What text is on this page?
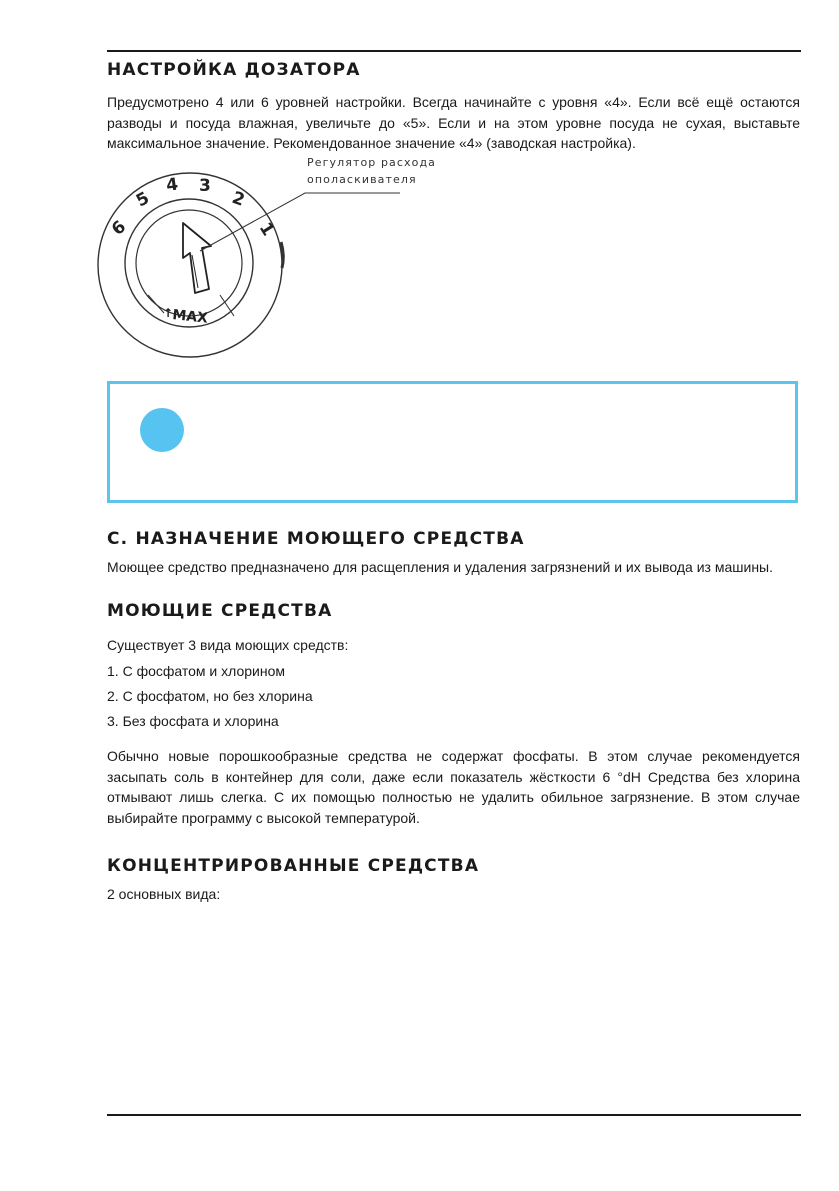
НАСТРОЙКА ДОЗАТОРА

Предусмотрено 4 или 6 уровней настройки. Всегда начинайте с уровня «4». Если всё ещё остаются разводы и посуда влажная, увеличьте до «5». Если и на этом уровне посуда не сухая, выставьте максимальное значение. Рекомендованное значение «4» (заводская настройка).

1
2
3
4
5
6
↑
MAX
Регулятор расхода
ополаскивателя
C. НАЗНАЧЕНИЕ МОЮЩЕГО СРЕДСТВА

Моющее средство предназначено для расщепления и удаления загрязнений и их вывода из машины.

МОЮЩИЕ СРЕДСТВА

Существует 3 вида моющих средств:

1. С фосфатом и хлорином

2. С фосфатом, но без хлорина

3. Без фосфата и хлорина

Обычно новые порошкообразные средства не содержат фосфаты. В этом случае рекомендуется засыпать соль в контейнер для соли, даже если показатель жёсткости 6 °dH Средства без хлорина отмывают лишь слегка. С их помощью полностью не удалить обильное загрязнение. В этом случае выбирайте программу с высокой температурой.

КОНЦЕНТРИРОВАННЫЕ СРЕДСТВА

2 основных вида:
